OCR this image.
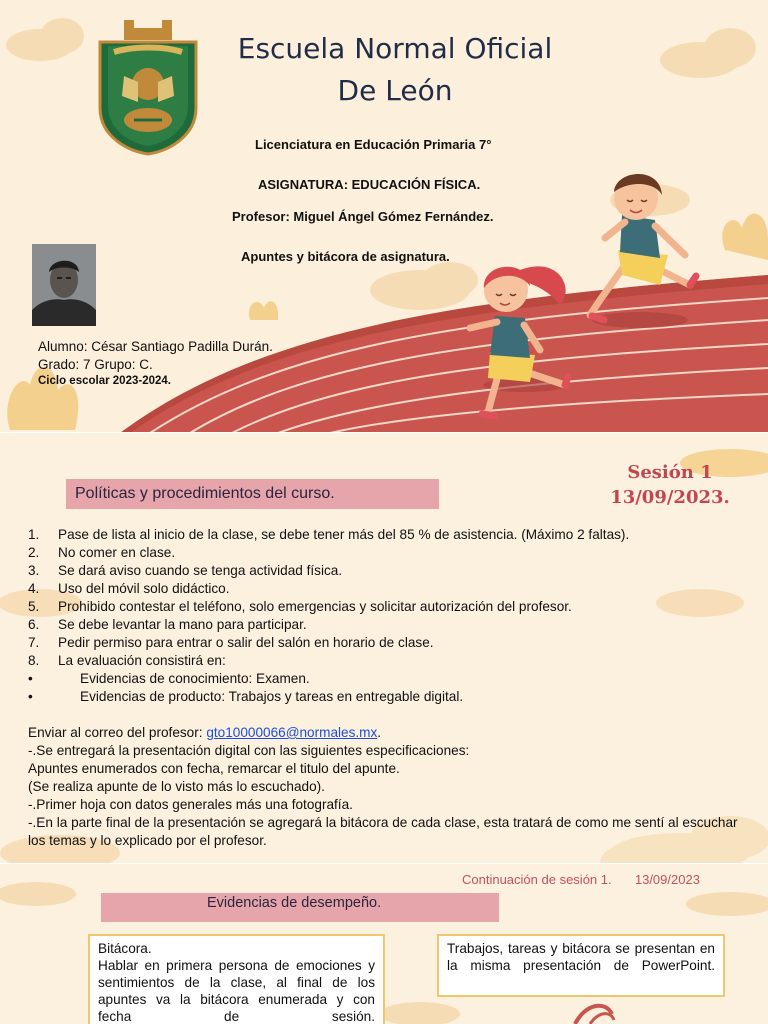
Escuela Normal Oficial
De León
Licenciatura en Educación Primaria 7°
ASIGNATURA: EDUCACIÓN FÍSICA.
Profesor: Miguel Ángel Gómez Fernández.
Apuntes y bitácora de asignatura.
Alumno: César Santiago Padilla Durán.
Grado: 7 Grupo: C.
Ciclo escolar 2023-2024.
Políticas y procedimientos del curso.
Sesión 1
13/09/2023.
1.	Pase de lista al inicio de la clase, se debe tener más del 85 % de asistencia. (Máximo 2 faltas).
2.	No comer en clase.
3.	Se dará aviso cuando se tenga actividad física.
4.	Uso del móvil solo didáctico.
5.	Prohibido contestar el teléfono, solo emergencias y solicitar autorización del profesor.
6.	Se debe levantar la mano para participar.
7.	Pedir permiso para entrar o salir del salón en horario de clase.
8.	La evaluación consistirá en:
•	Evidencias de conocimiento: Examen.
•	Evidencias de producto: Trabajos y tareas en entregable digital.
Enviar al correo del profesor: gto10000066@normales.mx.
-.Se entregará la presentación digital con las siguientes especificaciones:
Apuntes enumerados con fecha, remarcar el titulo del apunte.
(Se realiza apunte de lo visto más lo escuchado).
-.Primer hoja con datos generales más una fotografía.
-.En la parte final de la presentación se agregará la bitácora de cada clase, esta tratará de como me sentí al escuchar los temas y lo explicado por el profesor.
Evidencias de desempeño.
Continuación de sesión 1. 13/09/2023
Bitácora.
Hablar en primera persona de emociones y sentimientos de la clase, al final de los apuntes va la bitácora enumerada y con fecha de sesión.
Trabajos, tareas y bitácora se presentan en la misma presentación de PowerPoint.
